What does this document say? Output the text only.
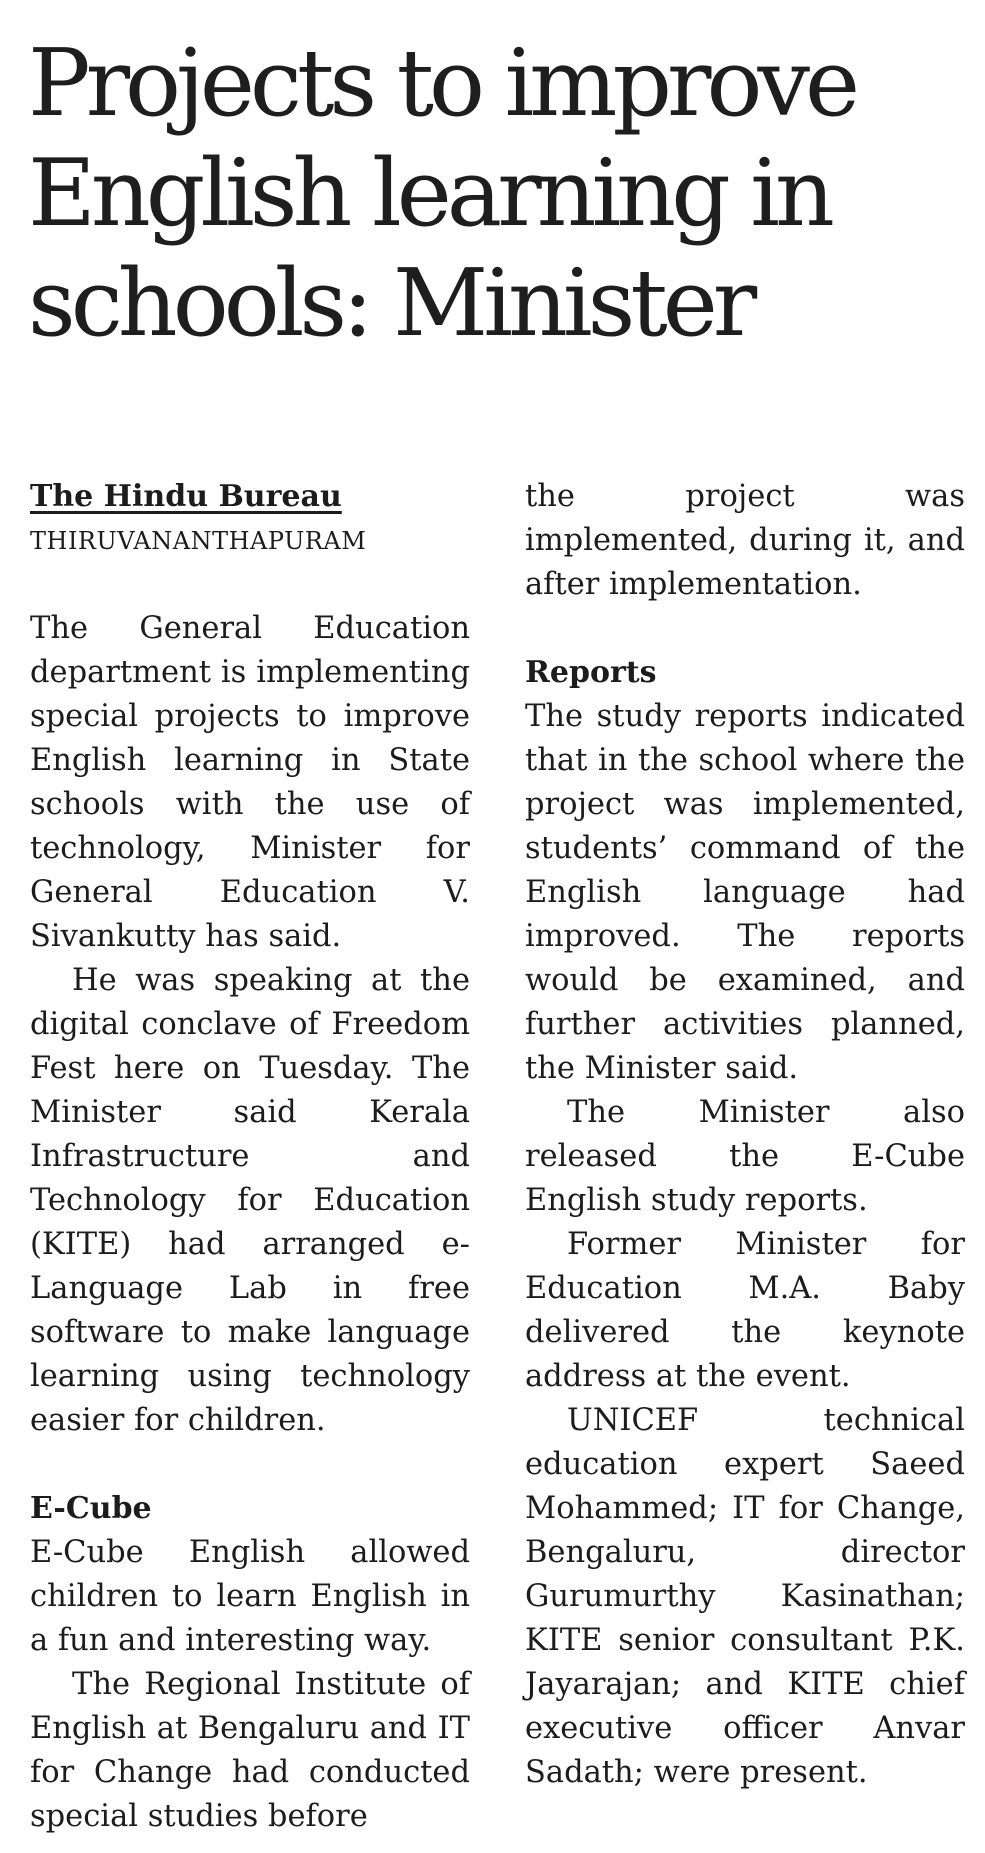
Projects to improve English learning in schools: Minister

The Hindu Bureau

THIRUVANANTHAPURAM

The General Education department is implementing special projects to improve English learning in State schools with the use of technology, Minister for General Education V. Sivankutty has said.

He was speaking at the digital conclave of Freedom Fest here on Tuesday. The Minister said Kerala Infrastructure and Technology for Education (KITE) had arranged e-Language Lab in free software to make language learning using technology easier for children.

E-Cube

E-Cube English allowed children to learn English in a fun and interesting way.

The Regional Institute of English at Bengaluru and IT for Change had conducted special studies before

the project was implemented, during it, and after implementation.

Reports

The study reports indicated that in the school where the project was implemented, students’ command of the English language had improved. The reports would be examined, and further activities planned, the Minister said.

The Minister also released the E-Cube English study reports.

Former Minister for Education M.A. Baby delivered the keynote address at the event.

UNICEF technical education expert Saeed Mohammed; IT for Change, Bengaluru, director Gurumurthy Kasinathan; KITE senior consultant P.K. Jayarajan; and KITE chief executive officer Anvar Sadath; were present.
